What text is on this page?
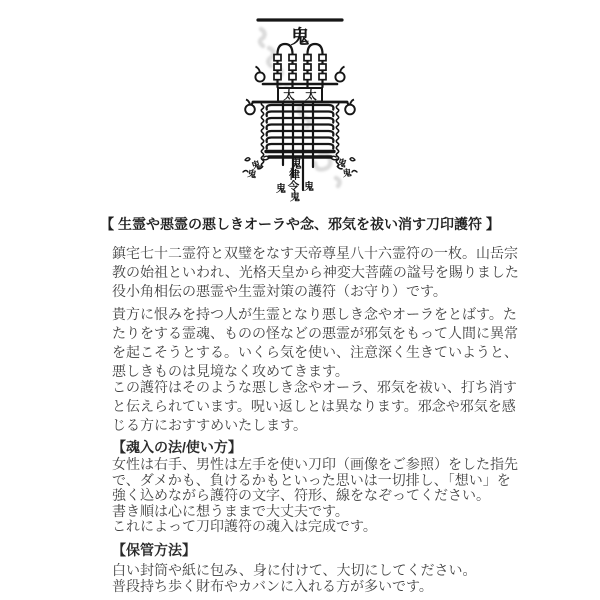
太 太
鬼
鬼
律
令
鬼 鬼
鬼
鬼
鬼
鬼
鬼
【 生霊や悪霊の悪しきオーラや念、邪気を祓い消す刀印護符 】
鎮宅七十二霊符と双璧をなす天帝尊星八十六霊符の一枚。山岳宗
教の始祖といわれ、光格天皇から神変大菩薩の諡号を賜りました
役小角相伝の悪霊や生霊対策の護符（お守り）です。
貴方に恨みを持つ人が生霊となり悪しき念やオーラをとばす。た
たりをする霊魂、ものの怪などの悪霊が邪気をもって人間に異常
を起こそうとする。いくら気を使い、注意深く生きていようと、
悪しきものは見境なく攻めてきます。
この護符はそのような悪しき念やオーラ、邪気を祓い、打ち消す
と伝えられています。呪い返しとは異なります。邪念や邪気を感
じる方におすすめいたします。
【魂入の法/使い方】
女性は右手、男性は左手を使い刀印（画像をご参照）をした指先
で、ダメかも、負けるかもといった思いは一切排し、「想い」を
強く込めながら護符の文字、符形、線をなぞってください。
書き順は心に想うままで大丈夫です。
これによって刀印護符の魂入は完成です。
【保管方法】
白い封筒や紙に包み、身に付けて、大切にしてください。
普段持ち歩く財布やカバンに入れる方が多いです。
